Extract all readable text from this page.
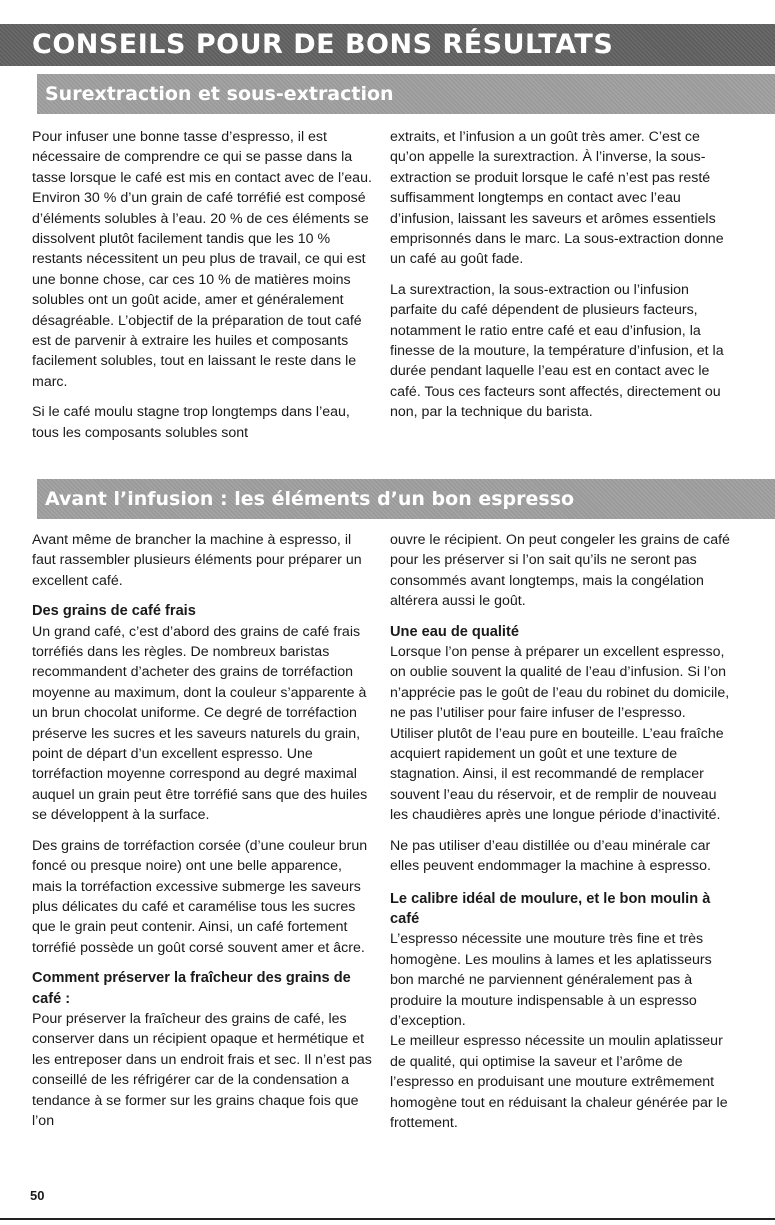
CONSEILS POUR DE BONS RÉSULTATS
Surextraction et sous-extraction

Pour infuser une bonne tasse d’espresso, il est nécessaire de comprendre ce qui se passe dans la tasse lorsque le café est mis en contact avec de l’eau. Environ 30 % d’un grain de café torréfié est composé d’éléments solubles à l’eau. 20 % de ces éléments se dissolvent plutôt facilement tandis que les 10 % restants nécessitent un peu plus de travail, ce qui est une bonne chose, car ces 10 % de matières moins solubles ont un goût acide, amer et généralement désagréable. L’objectif de la préparation de tout café est de parvenir à extraire les huiles et composants facilement solubles, tout en laissant le reste dans le marc.

Si le café moulu stagne trop longtemps dans l’eau, tous les composants solubles sont

extraits, et l’infusion a un goût très amer. C’est ce qu’on appelle la surextraction. À l’inverse, la sous-extraction se produit lorsque le café n’est pas resté suffisamment longtemps en contact avec l’eau d’infusion, laissant les saveurs et arômes essentiels emprisonnés dans le marc. La sous-extraction donne un café au goût fade.

La surextraction, la sous-extraction ou l’infusion parfaite du café dépendent de plusieurs facteurs, notamment le ratio entre café et eau d’infusion, la finesse de la mouture, la température d’infusion, et la durée pendant laquelle l’eau est en contact avec le café. Tous ces facteurs sont affectés, directement ou non, par la technique du barista.

Avant l’infusion : les éléments d’un bon espresso

Avant même de brancher la machine à espresso, il faut rassembler plusieurs éléments pour préparer un excellent café.

Des grains de café frais

Un grand café, c’est d’abord des grains de café frais torréfiés dans les règles. De nombreux baristas recommandent d’acheter des grains de torréfaction moyenne au maximum, dont la couleur s’apparente à un brun chocolat uniforme. Ce degré de torréfaction préserve les sucres et les saveurs naturels du grain, point de départ d’un excellent espresso. Une torréfaction moyenne correspond au degré maximal auquel un grain peut être torréfié sans que des huiles se développent à la surface.

Des grains de torréfaction corsée (d’une couleur brun foncé ou presque noire) ont une belle apparence, mais la torréfaction excessive submerge les saveurs plus délicates du café et caramélise tous les sucres que le grain peut contenir. Ainsi, un café fortement torréfié possède un goût corsé souvent amer et âcre.

Comment préserver la fraîcheur des grains de café :

Pour préserver la fraîcheur des grains de café, les conserver dans un récipient opaque et hermétique et les entreposer dans un endroit frais et sec. Il n’est pas conseillé de les réfrigérer car de la condensation a tendance à se former sur les grains chaque fois que l’on

ouvre le récipient. On peut congeler les grains de café pour les préserver si l’on sait qu’ils ne seront pas consommés avant longtemps, mais la congélation altérera aussi le goût.

Une eau de qualité

Lorsque l’on pense à préparer un excellent espresso, on oublie souvent la qualité de l’eau d’infusion. Si l’on n’apprécie pas le goût de l’eau du robinet du domicile, ne pas l’utiliser pour faire infuser de l’espresso. Utiliser plutôt de l’eau pure en bouteille. L’eau fraîche acquiert rapidement un goût et une texture de stagnation. Ainsi, il est recommandé de remplacer souvent l’eau du réservoir, et de remplir de nouveau les chaudières après une longue période d’inactivité.

Ne pas utiliser d’eau distillée ou d’eau minérale car elles peuvent endommager la machine à espresso.

Le calibre idéal de moulure, et le bon moulin à café

L’espresso nécessite une mouture très fine et très homogène. Les moulins à lames et les aplatisseurs bon marché ne parviennent généralement pas à produire la mouture indispensable à un espresso d’exception.

Le meilleur espresso nécessite un moulin aplatisseur de qualité, qui optimise la saveur et l’arôme de l’espresso en produisant une mouture extrêmement homogène tout en réduisant la chaleur générée par le frottement.

50
